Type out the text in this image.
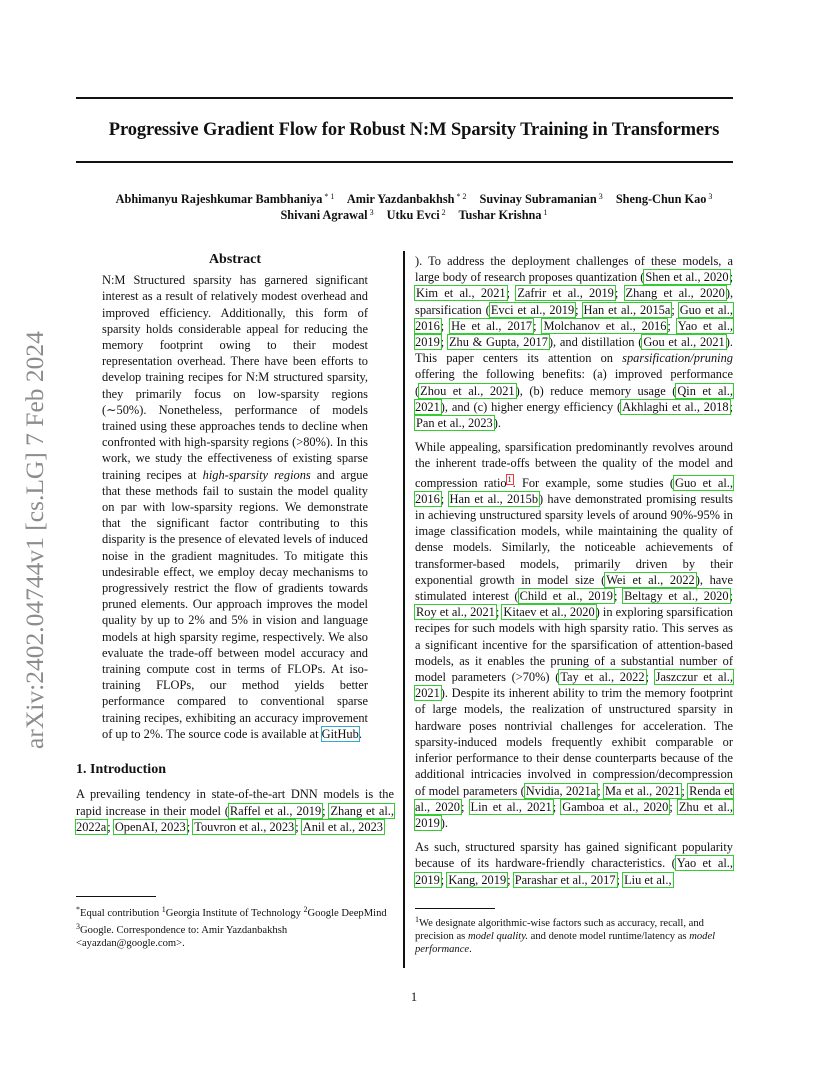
Progressive Gradient Flow for Robust N:M Sparsity Training in Transformers
Abhimanyu Rajeshkumar Bambhaniya $^{* 1}$ Amir Yazdanbakhsh $^{* 2}$ Suvinay Subramanian $^3$ Sheng-Chun Kao $^3$
Shivani Agrawal $^3$ Utku Evci $^2$ Tushar Krishna $^1$
arXiv:2402.04744v1 [cs.LG] 7 Feb 2024
Abstract

N:M Structured sparsity has garnered significant interest as a result of relatively modest overhead and improved efficiency. Additionally, this form of sparsity holds considerable appeal for reducing the memory footprint owing to their modest representation overhead. There have been efforts to develop training recipes for N:M structured sparsity, they primarily focus on low-sparsity regions (∼50%). Nonetheless, performance of models trained using these approaches tends to decline when confronted with high-sparsity regions (>80%). In this work, we study the effectiveness of existing sparse training recipes at high-sparsity regions and argue that these methods fail to sustain the model quality on par with low-sparsity regions. We demonstrate that the significant factor contributing to this disparity is the presence of elevated levels of induced noise in the gradient magnitudes. To mitigate this undesirable effect, we employ decay mechanisms to progressively restrict the flow of gradients towards pruned elements. Our approach improves the model quality by up to 2% and 5% in vision and language models at high sparsity regime, respectively. We also evaluate the trade-off between model accuracy and training compute cost in terms of FLOPs. At iso-training FLOPs, our method yields better performance compared to conventional sparse training recipes, exhibiting an accuracy improvement of up to 2%. The source code is available at GitHub.

1. Introduction

A prevailing tendency in state-of-the-art DNN models is the rapid increase in their model (Raffel et al., 2019; Zhang et al., 2022a; OpenAI, 2023; Touvron et al., 2023; Anil et al., 2023

*Equal contribution $^1$Georgia Institute of Technology $^2$Google DeepMind $^3$Google. Correspondence to: Amir Yazdanbakhsh <ayazdan@google.com>.

). To address the deployment challenges of these models, a large body of research proposes quantization (Shen et al., 2020; Kim et al., 2021; Zafrir et al., 2019; Zhang et al., 2020), sparsification (Evci et al., 2019; Han et al., 2015a; Guo et al., 2016; He et al., 2017; Molchanov et al., 2016; Yao et al., 2019; Zhu & Gupta, 2017), and distillation (Gou et al., 2021). This paper centers its attention on sparsification/pruning offering the following benefits: (a) improved performance (Zhou et al., 2021), (b) reduce memory usage (Qin et al., 2021), and (c) higher energy efficiency (Akhlaghi et al., 2018; Pan et al., 2023).

While appealing, sparsification predominantly revolves around the inherent trade-offs between the quality of the model and compression ratio$^1$. For example, some studies (Guo et al., 2016; Han et al., 2015b) have demonstrated promising results in achieving unstructured sparsity levels of around 90%-95% in image classification models, while maintaining the quality of dense models. Similarly, the noticeable achievements of transformer-based models, primarily driven by their exponential growth in model size (Wei et al., 2022), have stimulated interest (Child et al., 2019; Beltagy et al., 2020; Roy et al., 2021; Kitaev et al., 2020) in exploring sparsification recipes for such models with high sparsity ratio. This serves as a significant incentive for the sparsification of attention-based models, as it enables the pruning of a substantial number of model parameters (>70%) (Tay et al., 2022; Jaszczur et al., 2021). Despite its inherent ability to trim the memory footprint of large models, the realization of unstructured sparsity in hardware poses nontrivial challenges for acceleration. The sparsity-induced models frequently exhibit comparable or inferior performance to their dense counterparts because of the additional intricacies involved in compression/decompression of model parameters (Nvidia, 2021a; Ma et al., 2021; Renda et al., 2020; Lin et al., 2021; Gamboa et al., 2020; Zhu et al., 2019).

As such, structured sparsity has gained significant popularity because of its hardware-friendly characteristics. (Yao et al., 2019; Kang, 2019; Parashar et al., 2017; Liu et al.,

$^1$We designate algorithmic-wise factors such as accuracy, recall, and precision as model quality. and denote model runtime/latency as model performance.
1
